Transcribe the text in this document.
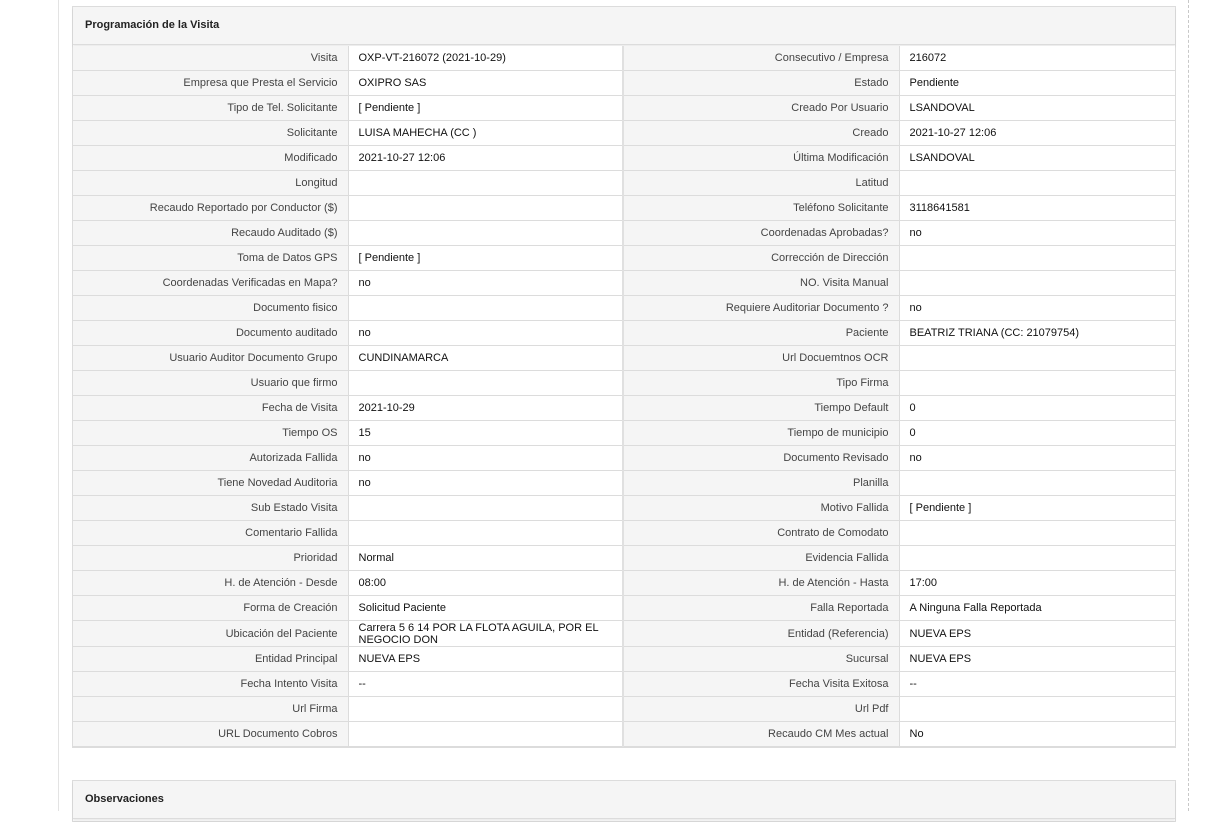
Programación de la Visita
Visita	OXP-VT-216072 (2021-10-29)	Consecutivo / Empresa	216072
Empresa que Presta el Servicio	OXIPRO SAS	Estado	Pendiente
Tipo de Tel. Solicitante	[ Pendiente ]	Creado Por Usuario	LSANDOVAL
Solicitante	LUISA MAHECHA (CC )	Creado	2021-10-27 12:06
Modificado	2021-10-27 12:06	Última Modificación	LSANDOVAL
Longitud		Latitud	
Recaudo Reportado por Conductor ($)		Teléfono Solicitante	3118641581
Recaudo Auditado ($)		Coordenadas Aprobadas?	no
Toma de Datos GPS	[ Pendiente ]	Corrección de Dirección	
Coordenadas Verificadas en Mapa?	no	NO. Visita Manual	
Documento fisico		Requiere Auditoriar Documento ?	no
Documento auditado	no	Paciente	BEATRIZ TRIANA (CC: 21079754)
Usuario Auditor Documento Grupo	CUNDINAMARCA	Url Docuemtnos OCR	
Usuario que firmo		Tipo Firma	
Fecha de Visita	2021-10-29	Tiempo Default	0
Tiempo OS	15	Tiempo de municipio	0
Autorizada Fallida	no	Documento Revisado	no
Tiene Novedad Auditoria	no	Planilla	
Sub Estado Visita		Motivo Fallida	[ Pendiente ]
Comentario Fallida		Contrato de Comodato	
Prioridad	Normal	Evidencia Fallida	
H. de Atención - Desde	08:00	H. de Atención - Hasta	17:00
Forma de Creación	Solicitud Paciente	Falla Reportada	A Ninguna Falla Reportada
Ubicación del Paciente	Carrera 5 6 14 POR LA FLOTA AGUILA, POR EL NEGOCIO DON	Entidad (Referencia)	NUEVA EPS
Entidad Principal	NUEVA EPS	Sucursal	NUEVA EPS
Fecha Intento Visita	--	Fecha Visita Exitosa	--
Url Firma		Url Pdf	
URL Documento Cobros		Recaudo CM Mes actual	No
Observaciones
